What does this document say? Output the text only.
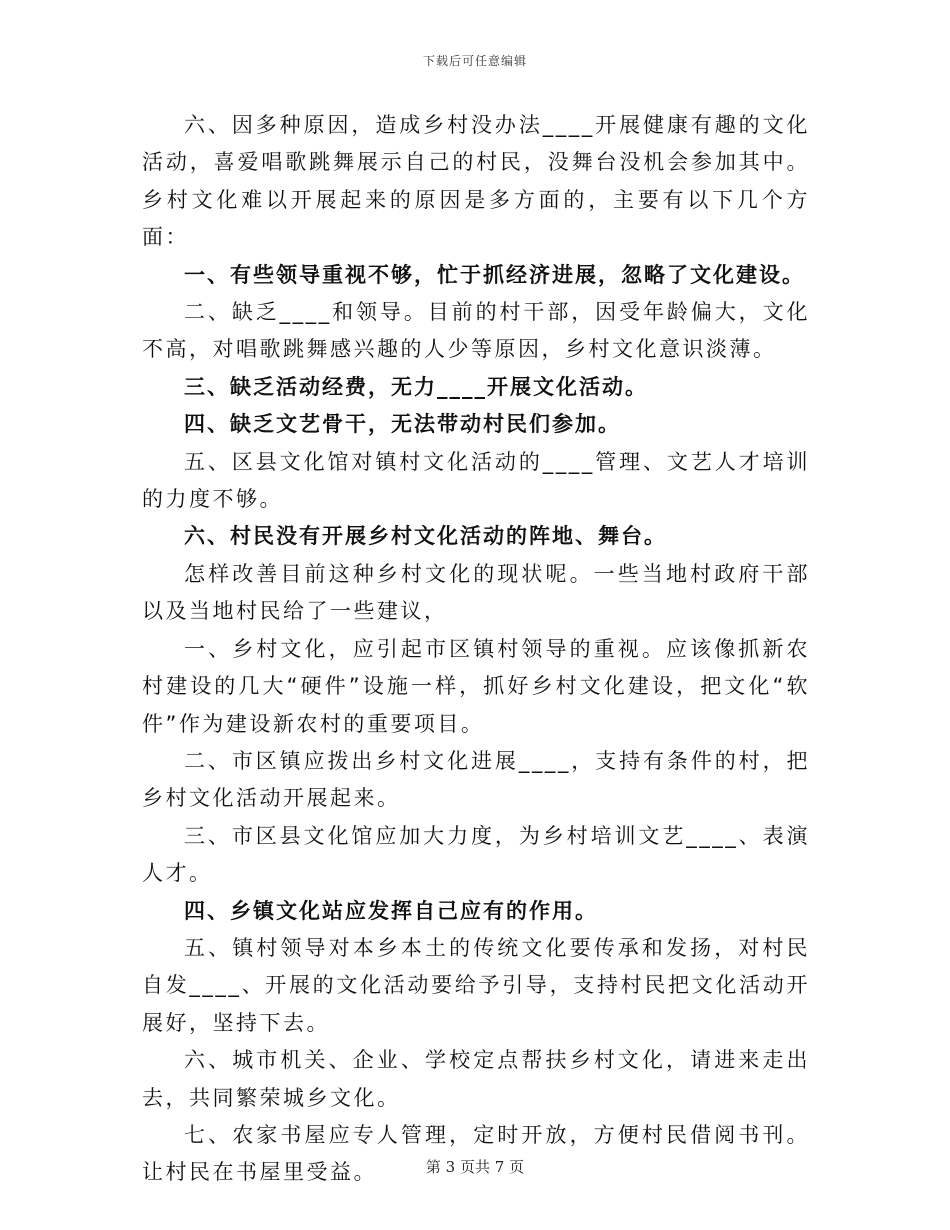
下载后可任意编辑

六、因多种原因，造成乡村没办法____开展健康有趣的文化活动，喜爱唱歌跳舞展示自己的村民，没舞台没机会参加其中。乡村文化难以开展起来的原因是多方面的，主要有以下几个方面：

一、有些领导重视不够，忙于抓经济进展，忽略了文化建设。

二、缺乏____和领导。目前的村干部，因受年龄偏大，文化不高，对唱歌跳舞感兴趣的人少等原因，乡村文化意识淡薄。

三、缺乏活动经费，无力____开展文化活动。

四、缺乏文艺骨干，无法带动村民们参加。

五、区县文化馆对镇村文化活动的____管理、文艺人才培训的力度不够。

六、村民没有开展乡村文化活动的阵地、舞台。

怎样改善目前这种乡村文化的现状呢。一些当地村政府干部以及当地村民给了一些建议，

一、乡村文化，应引起市区镇村领导的重视。应该像抓新农村建设的几大“硬件”设施一样，抓好乡村文化建设，把文化“软件”作为建设新农村的重要项目。

二、市区镇应拨出乡村文化进展____，支持有条件的村，把乡村文化活动开展起来。

三、市区县文化馆应加大力度，为乡村培训文艺____、表演人才。

四、乡镇文化站应发挥自己应有的作用。

五、镇村领导对本乡本土的传统文化要传承和发扬，对村民自发____、开展的文化活动要给予引导，支持村民把文化活动开展好，坚持下去。

六、城市机关、企业、学校定点帮扶乡村文化，请进来走出去，共同繁荣城乡文化。

七、农家书屋应专人管理，定时开放，方便村民借阅书刊。让村民在书屋里受益。	第 3 页共 7 页
